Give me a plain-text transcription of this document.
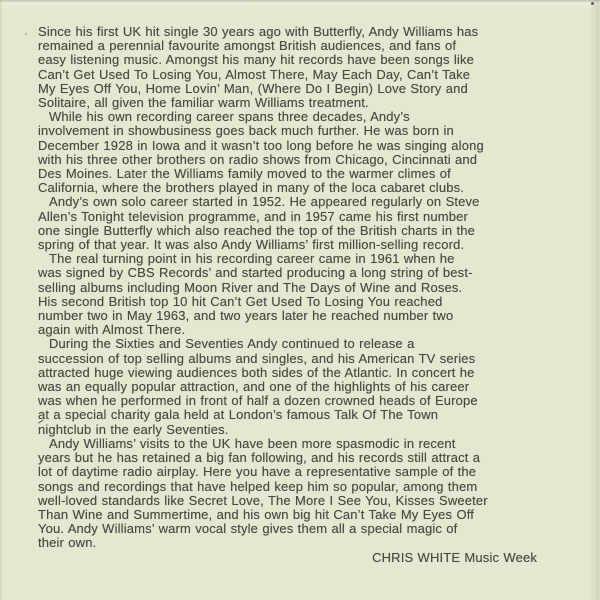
Since his first UK hit single 30 years ago with Butterfly, Andy Williams has
remained a perennial favourite amongst British audiences, and fans of
easy listening music. Amongst his many hit records have been songs like
Can’t Get Used To Losing You, Almost There, May Each Day, Can’t Take
My Eyes Off You, Home Lovin’ Man, (Where Do I Begin) Love Story and
Solitaire, all given the familiar warm Williams treatment.
While his own recording career spans three decades, Andy’s
involvement in showbusiness goes back much further. He was born in
December 1928 in Iowa and it wasn’t too long before he was singing along
with his three other brothers on radio shows from Chicago, Cincinnati and
Des Moines. Later the Williams family moved to the warmer climes of
California, where the brothers played in many of the loca cabaret clubs.
Andy’s own solo career started in 1952. He appeared regularly on Steve
Allen’s Tonight television programme, and in 1957 came his first number
one single Butterfly which also reached the top of the British charts in the
spring of that year. It was also Andy Williams’ first million-selling record.
The real turning point in his recording career came in 1961 when he
was signed by CBS Records’ and started producing a long string of best-
selling albums including Moon River and The Days of Wine and Roses.
His second British top 10 hit Can’t Get Used To Losing You reached
number two in May 1963, and two years later he reached number two
again with Almost There.
During the Sixties and Seventies Andy continued to release a
succession of top selling albums and singles, and his American TV series
attracted huge viewing audiences both sides of the Atlantic. In concert he
was an equally popular attraction, and one of the highlights of his career
was when he performed in front of half a dozen crowned heads of Europe
at a special charity gala held at London’s famous Talk Of The Town
nightclub in the early Seventies.
Andy Williams’ visits to the UK have been more spasmodic in recent
years but he has retained a big fan following, and his records still attract a
lot of daytime radio airplay. Here you have a representative sample of the
songs and recordings that have helped keep him so popular, among them
well-loved standards like Secret Love, The More I See You, Kisses Sweeter
Than Wine and Summertime, and his own big hit Can’t Take My Eyes Off
You. Andy Williams’ warm vocal style gives them all a special magic of
their own.
CHRIS WHITE Music Week
